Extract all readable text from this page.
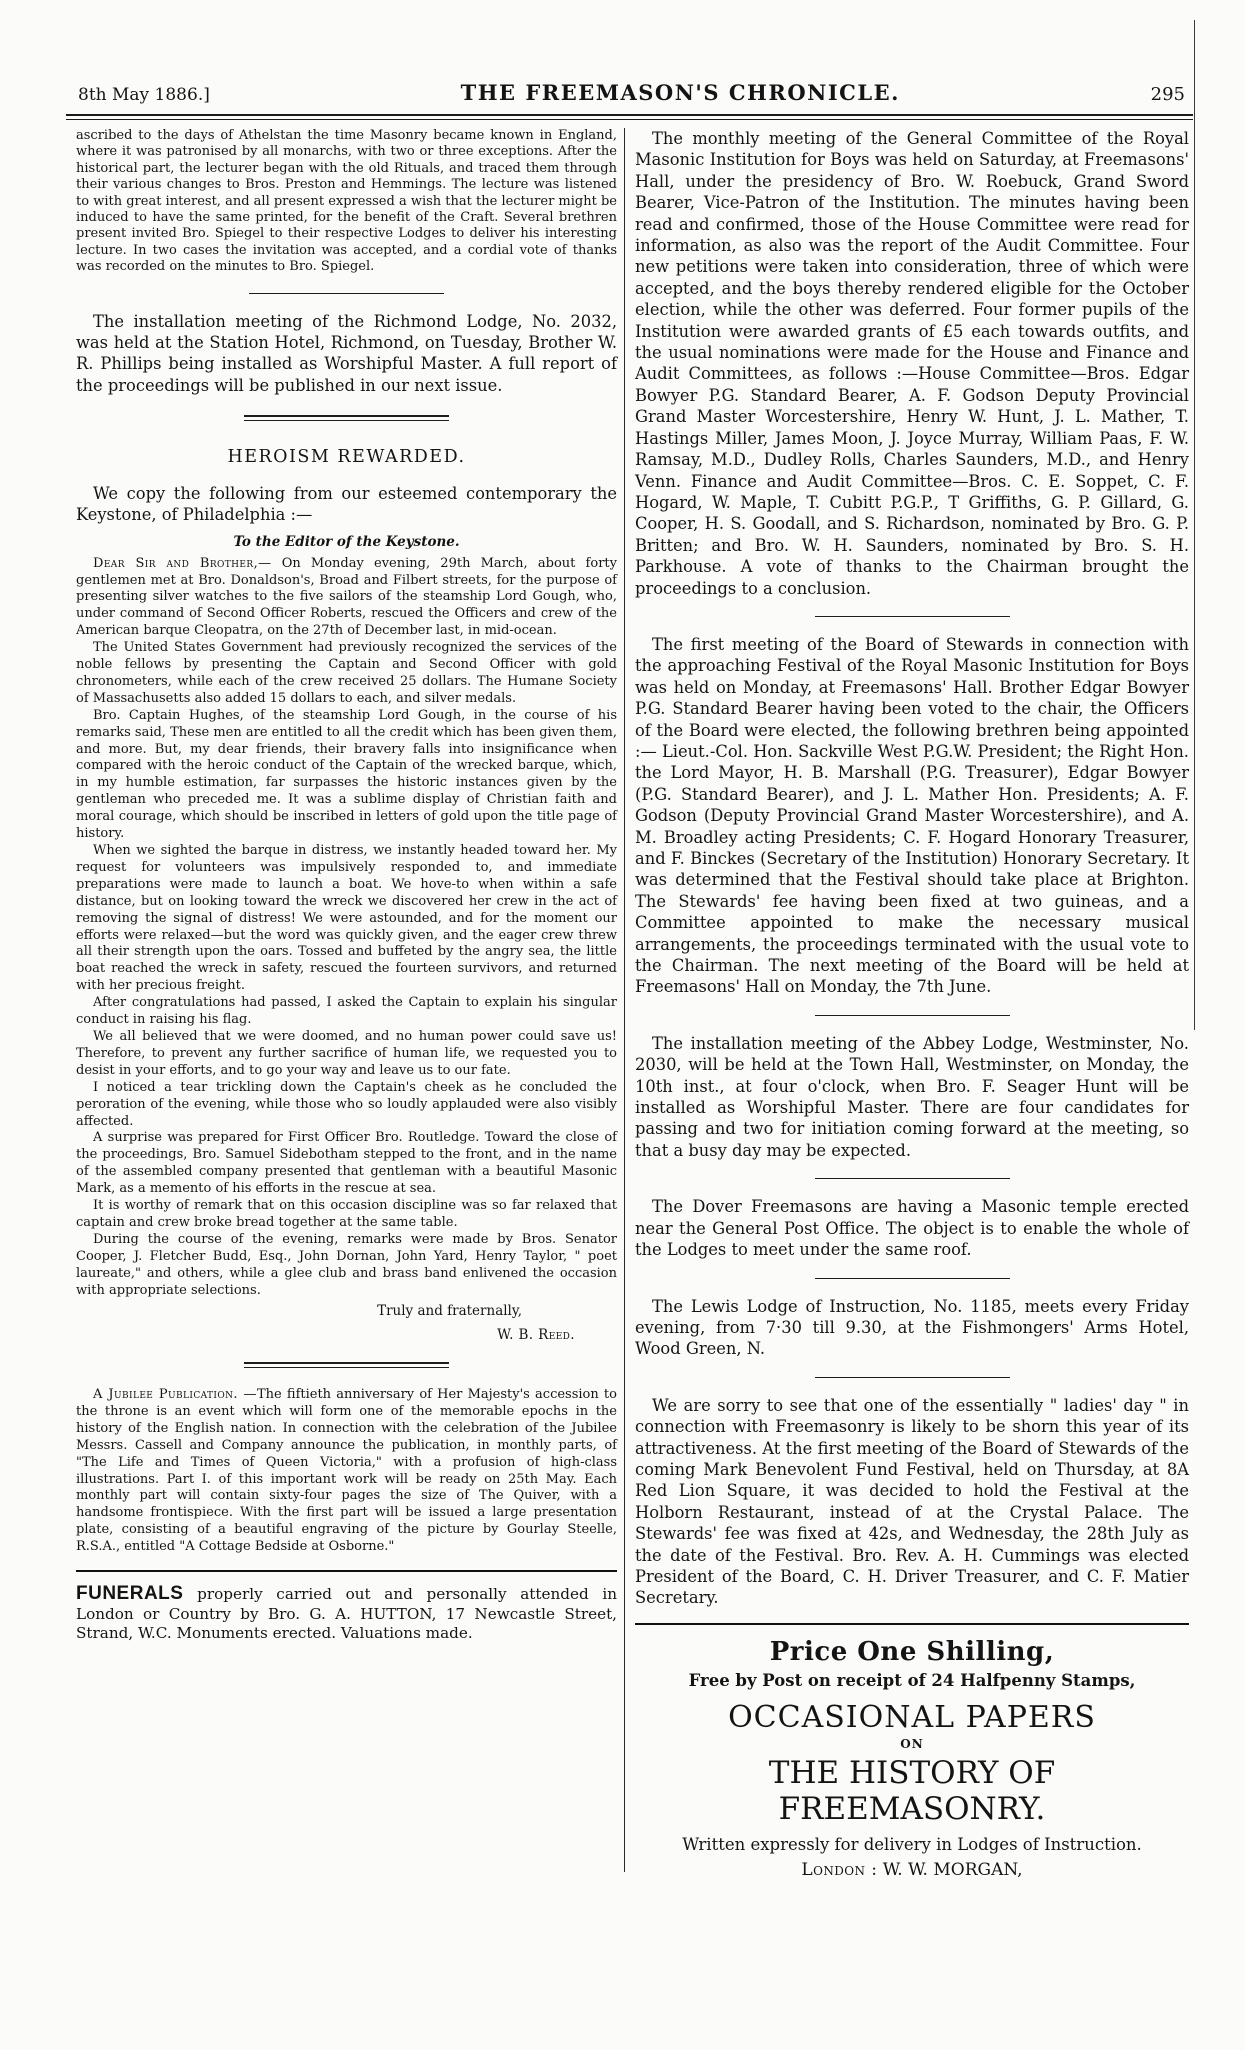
8th May 1886.]	THE FREEMASON'S CHRONICLE.	295

ascribed to the days of Athelstan the time Masonry became known in England, where it was patronised by all monarchs, with two or three exceptions. After the historical part, the lecturer began with the old Rituals, and traced them through their various changes to Bros. Preston and Hemmings. The lecture was listened to with great interest, and all present expressed a wish that the lecturer might be induced to have the same printed, for the benefit of the Craft. Several brethren present invited Bro. Spiegel to their respective Lodges to deliver his interesting lecture. In two cases the invitation was accepted, and a cordial vote of thanks was recorded on the minutes to Bro. Spiegel.

The installation meeting of the Richmond Lodge, No. 2032, was held at the Station Hotel, Richmond, on Tuesday, Brother W. R. Phillips being installed as Worshipful Master. A full report of the proceedings will be published in our next issue.

HEROISM REWARDED.

We copy the following from our esteemed contemporary the Keystone, of Philadelphia :—

To the Editor of the Keystone.

Dear Sir and Brother,— On Monday evening, 29th March, about forty gentlemen met at Bro. Donaldson's, Broad and Filbert streets, for the purpose of presenting silver watches to the five sailors of the steamship Lord Gough, who, under command of Second Officer Roberts, rescued the Officers and crew of the American barque Cleopatra, on the 27th of December last, in mid-ocean.

The United States Government had previously recognized the services of the noble fellows by presenting the Captain and Second Officer with gold chronometers, while each of the crew received 25 dollars. The Humane Society of Massachusetts also added 15 dollars to each, and silver medals.

Bro. Captain Hughes, of the steamship Lord Gough, in the course of his remarks said, These men are entitled to all the credit which has been given them, and more. But, my dear friends, their bravery falls into insignificance when compared with the heroic conduct of the Captain of the wrecked barque, which, in my humble estimation, far surpasses the historic instances given by the gentleman who preceded me. It was a sublime display of Christian faith and moral courage, which should be inscribed in letters of gold upon the title page of history.

When we sighted the barque in distress, we instantly headed toward her. My request for volunteers was impulsively responded to, and immediate preparations were made to launch a boat. We hove-to when within a safe distance, but on looking toward the wreck we discovered her crew in the act of removing the signal of distress! We were astounded, and for the moment our efforts were relaxed—but the word was quickly given, and the eager crew threw all their strength upon the oars. Tossed and buffeted by the angry sea, the little boat reached the wreck in safety, rescued the fourteen survivors, and returned with her precious freight.

After congratulations had passed, I asked the Captain to explain his singular conduct in raising his flag.

We all believed that we were doomed, and no human power could save us! Therefore, to prevent any further sacrifice of human life, we requested you to desist in your efforts, and to go your way and leave us to our fate.

I noticed a tear trickling down the Captain's cheek as he concluded the peroration of the evening, while those who so loudly applauded were also visibly affected.

A surprise was prepared for First Officer Bro. Routledge. Toward the close of the proceedings, Bro. Samuel Sidebotham stepped to the front, and in the name of the assembled company presented that gentleman with a beautiful Masonic Mark, as a memento of his efforts in the rescue at sea.

It is worthy of remark that on this occasion discipline was so far relaxed that captain and crew broke bread together at the same table.

During the course of the evening, remarks were made by Bros. Senator Cooper, J. Fletcher Budd, Esq., John Dornan, John Yard, Henry Taylor, " poet laureate," and others, while a glee club and brass band enlivened the occasion with appropriate selections.

Truly and fraternally,

W. B. Reed.

A Jubilee Publication. —The fiftieth anniversary of Her Majesty's accession to the throne is an event which will form one of the memorable epochs in the history of the English nation. In connection with the celebration of the Jubilee Messrs. Cassell and Company announce the publication, in monthly parts, of "The Life and Times of Queen Victoria," with a profusion of high-class illustrations. Part I. of this important work will be ready on 25th May. Each monthly part will contain sixty-four pages the size of The Quiver, with a handsome frontispiece. With the first part will be issued a large presentation plate, consisting of a beautiful engraving of the picture by Gourlay Steelle, R.S.A., entitled "A Cottage Bedside at Osborne."

FUNERALS properly carried out and personally attended in London or Country by Bro. G. A. HUTTON, 17 Newcastle Street, Strand, W.C. Monuments erected. Valuations made.

The monthly meeting of the General Committee of the Royal Masonic Institution for Boys was held on Saturday, at Freemasons' Hall, under the presidency of Bro. W. Roebuck, Grand Sword Bearer, Vice-Patron of the Institution. The minutes having been read and confirmed, those of the House Committee were read for information, as also was the report of the Audit Committee. Four new petitions were taken into consideration, three of which were accepted, and the boys thereby rendered eligible for the October election, while the other was deferred. Four former pupils of the Institution were awarded grants of £5 each towards outfits, and the usual nominations were made for the House and Finance and Audit Committees, as follows :—House Committee—Bros. Edgar Bowyer P.G. Standard Bearer, A. F. Godson Deputy Provincial Grand Master Worcestershire, Henry W. Hunt, J. L. Mather, T. Hastings Miller, James Moon, J. Joyce Murray, William Paas, F. W. Ramsay, M.D., Dudley Rolls, Charles Saunders, M.D., and Henry Venn. Finance and Audit Committee—Bros. C. E. Soppet, C. F. Hogard, W. Maple, T. Cubitt P.G.P., T Griffiths, G. P. Gillard, G. Cooper, H. S. Goodall, and S. Richardson, nominated by Bro. G. P. Britten; and Bro. W. H. Saunders, nominated by Bro. S. H. Parkhouse. A vote of thanks to the Chairman brought the proceedings to a conclusion.

The first meeting of the Board of Stewards in connection with the approaching Festival of the Royal Masonic Institution for Boys was held on Monday, at Freemasons' Hall. Brother Edgar Bowyer P.G. Standard Bearer having been voted to the chair, the Officers of the Board were elected, the following brethren being appointed :— Lieut.-Col. Hon. Sackville West P.G.W. President; the Right Hon. the Lord Mayor, H. B. Marshall (P.G. Treasurer), Edgar Bowyer (P.G. Standard Bearer), and J. L. Mather Hon. Presidents; A. F. Godson (Deputy Provincial Grand Master Worcestershire), and A. M. Broadley acting Presidents; C. F. Hogard Honorary Treasurer, and F. Binckes (Secretary of the Institution) Honorary Secretary. It was determined that the Festival should take place at Brighton. The Stewards' fee having been fixed at two guineas, and a Committee appointed to make the necessary musical arrangements, the proceedings terminated with the usual vote to the Chairman. The next meeting of the Board will be held at Freemasons' Hall on Monday, the 7th June.

The installation meeting of the Abbey Lodge, Westminster, No. 2030, will be held at the Town Hall, Westminster, on Monday, the 10th inst., at four o'clock, when Bro. F. Seager Hunt will be installed as Worshipful Master. There are four candidates for passing and two for initiation coming forward at the meeting, so that a busy day may be expected.

The Dover Freemasons are having a Masonic temple erected near the General Post Office. The object is to enable the whole of the Lodges to meet under the same roof.

The Lewis Lodge of Instruction, No. 1185, meets every Friday evening, from 7·30 till 9.30, at the Fishmongers' Arms Hotel, Wood Green, N.

We are sorry to see that one of the essentially " ladies' day " in connection with Freemasonry is likely to be shorn this year of its attractiveness. At the first meeting of the Board of Stewards of the coming Mark Benevolent Fund Festival, held on Thursday, at 8A Red Lion Square, it was decided to hold the Festival at the Holborn Restaurant, instead of at the Crystal Palace. The Stewards' fee was fixed at 42s, and Wednesday, the 28th July as the date of the Festival. Bro. Rev. A. H. Cummings was elected President of the Board, C. H. Driver Treasurer, and C. F. Matier Secretary.

Price One Shilling,

Free by Post on receipt of 24 Halfpenny Stamps,

OCCASIONAL PAPERS

ON

THE HISTORY OF FREEMASONRY.

Written expressly for delivery in Lodges of Instruction.

London : W. W. MORGAN,
